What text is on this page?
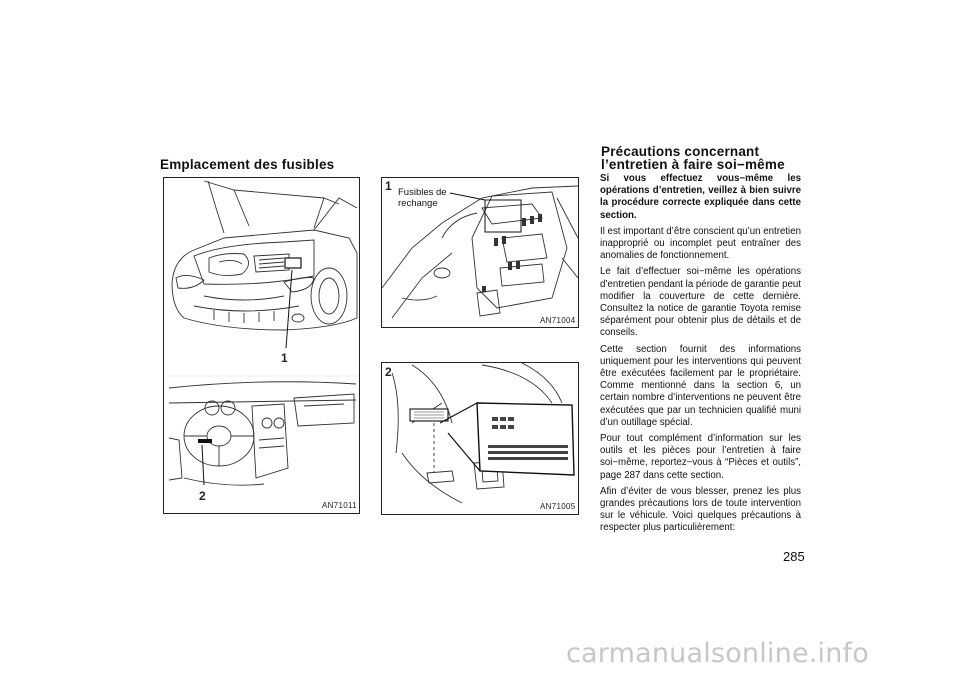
Emplacement des fusibles
Précautions concernant
l’entretien à faire soi−même
1
2
AN71011
1
AN71004
Fusibles de
rechange
2
AN71005

Si vous effectuez vous−même les opérations d’entretien, veillez à bien suivre la procédure correcte expliquée dans cette section.

Il est important d’être conscient qu’un entretien inapproprié ou incomplet peut entraîner des anomalies de fonctionnement.

Le fait d’effectuer soi−même les opérations d’entretien pendant la période de garantie peut modifier la couverture de cette dernière. Consultez la notice de garantie Toyota remise séparément pour obtenir plus de détails et de conseils.

Cette section fournit des informations uniquement pour les interventions qui peuvent être exécutées facilement par le propriétaire. Comme mentionné dans la section 6, un certain nombre d’interventions ne peuvent être exécutées que par un technicien qualifié muni d’un outillage spécial.

Pour tout complément d’information sur les outils et les pièces pour l’entretien à faire soi−même, reportez−vous à “Pièces et outils”, page 287 dans cette section.

Afin d’éviter de vous blesser, prenez les plus grandes précautions lors de toute intervention sur le véhicule. Voici quelques précautions à respecter plus particulièrement:

285
carmanualsonline.info
